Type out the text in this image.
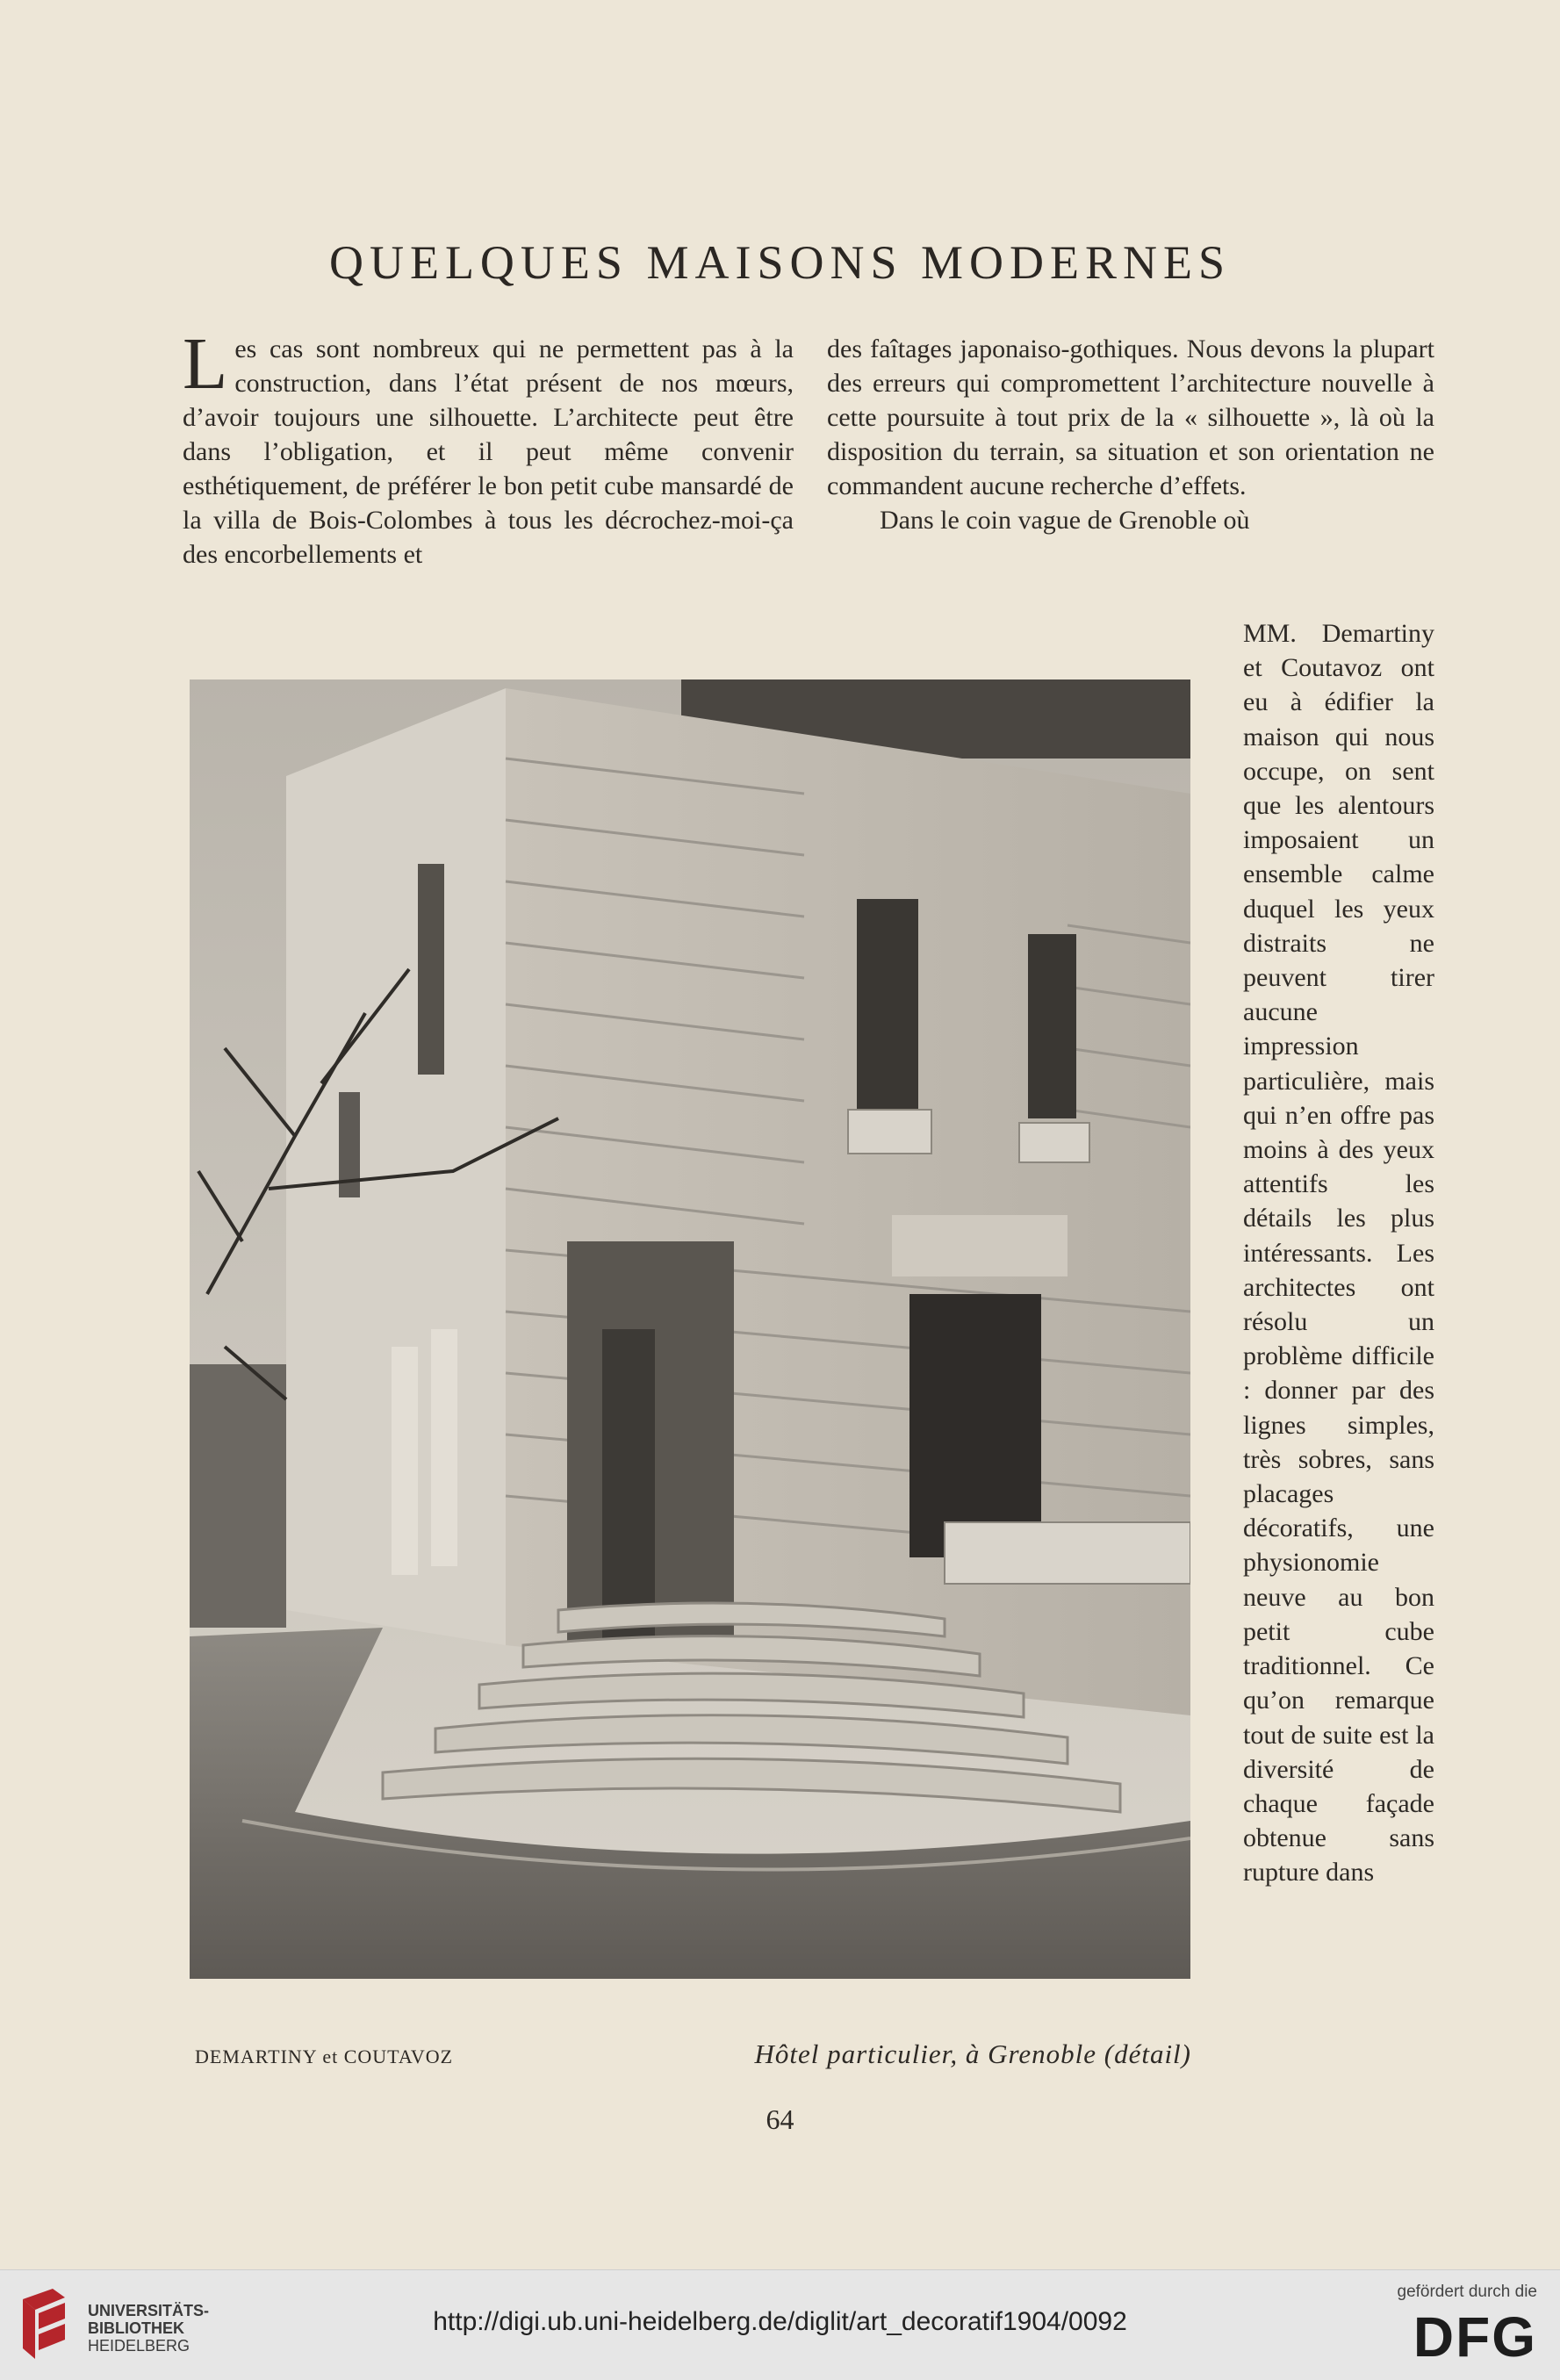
QUELQUES MAISONS MODERNES

Les cas sont nombreux qui ne permettent pas à la construction, dans l’état présent de nos mœurs, d’avoir toujours une silhouette. L’architecte peut être dans l’obligation, et il peut même convenir esthétiquement, de préférer le bon petit cube mansardé de la villa de Bois-Colombes à tous les décrochez-moi-ça des encorbellements et

des faîtages japonaiso-gothiques. Nous devons la plupart des erreurs qui compromettent l’architecture nouvelle à cette poursuite à tout prix de la « silhouette », là où la disposition du terrain, sa situation et son orientation ne commandent aucune recherche d’effets.

Dans le coin vague de Grenoble où

MM. Demartiny et Coutavoz ont eu à édifier la maison qui nous occupe, on sent que les alentours imposaient un ensemble calme duquel les yeux distraits ne peuvent tirer aucune impression particulière, mais qui n’en offre pas moins à des yeux attentifs les détails les plus intéressants. Les architectes ont résolu un problème difficile : donner par des lignes simples, très sobres, sans placages décoratifs, une physionomie neuve au bon petit cube traditionnel. Ce qu’on remarque tout de suite est la diversité de chaque façade obtenue sans rupture dans
DEMARTINY et COUTAVOZ	Hôtel particulier, à Grenoble (détail)
64
UNIVERSITÄTS-
BIBLIOTHEK
HEIDELBERG
http://digi.ub.uni-heidelberg.de/diglit/art_decoratif1904/0092
gefördert durch die
DFG
